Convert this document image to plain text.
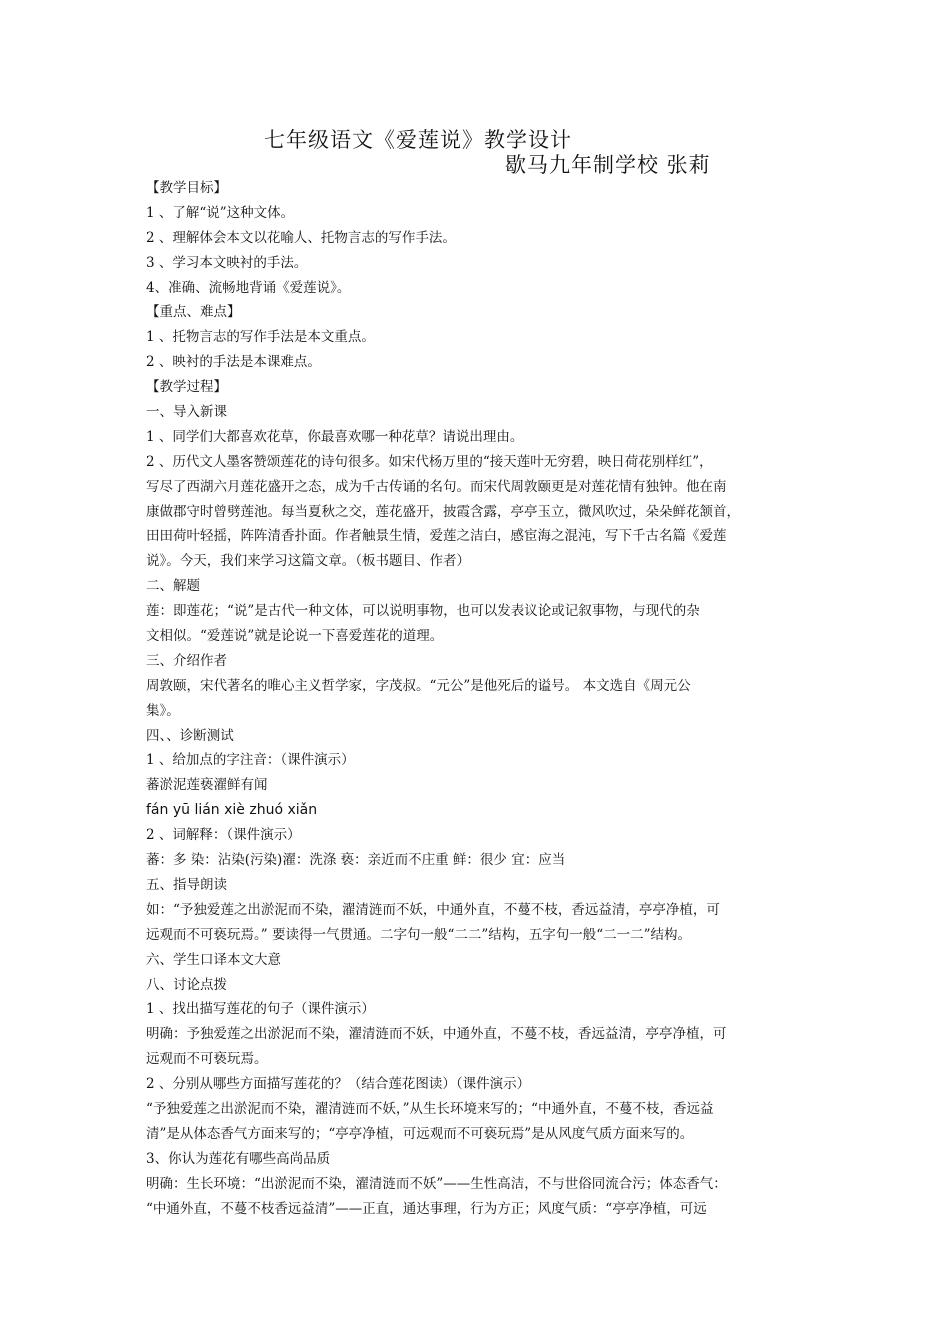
七年级语文《爱莲说》教学设计
歇马九年制学校 张莉
【教学目标】
1 、了解“说”这种文体。
2 、理解体会本文以花喻人、托物言志的写作手法。
3 、学习本文映衬的手法。
4、准确、流畅地背诵《爱莲说》。
【重点、难点】
1 、托物言志的写作手法是本文重点。
2 、映衬的手法是本课难点。
【教学过程】
一、导入新课
1 、同学们大都喜欢花草，你最喜欢哪一种花草？请说出理由。
2 、历代文人墨客赞颂莲花的诗句很多。如宋代杨万里的“接天莲叶无穷碧，映日荷花别样红”，
写尽了西湖六月莲花盛开之态，成为千古传诵的名句。而宋代周敦颐更是对莲花情有独钟。他在南
康做郡守时曾劈莲池。每当夏秋之交，莲花盛开，披霞含露，亭亭玉立，微风吹过，朵朵鲜花颔首，
田田荷叶轻摇，阵阵清香扑面。作者触景生情，爱莲之洁白，感宦海之混沌，写下千古名篇《爱莲
说》。今天，我们来学习这篇文章。（板书题目、作者）
二、解题
莲：即莲花；“说”是古代一种文体，可以说明事物，也可以发表议论或记叙事物，与现代的杂
文相似。“爱莲说”就是论说一下喜爱莲花的道理。
三、介绍作者
周敦颐，宋代著名的唯心主义哲学家，字茂叔。“元公”是他死后的谥号。 本文选自《周元公
集》。
四、、诊断测试
1 、给加点的字注音：（课件演示）
蕃淤泥莲亵濯鲜有闻
fán yū lián xiè zhuó xiǎn
2 、词解释：（课件演示）
蕃：多 染：沾染(污染)濯：洗涤 亵：亲近而不庄重 鲜：很少 宜：应当
五、指导朗读
如：“予独爱莲之出淤泥而不染，濯清涟而不妖，中通外直，不蔓不枝，香远益清，亭亭净植，可
远观而不可亵玩焉。” 要读得一气贯通。二字句一般“二二”结构，五字句一般“二一二”结构。
六、学生口译本文大意
八、讨论点拨
1 、找出描写莲花的句子（课件演示）
明确：予独爱莲之出淤泥而不染，濯清涟而不妖，中通外直，不蔓不枝，香远益清，亭亭净植，可
远观而不可亵玩焉。
2 、分别从哪些方面描写莲花的？（结合莲花图读）（课件演示）
“予独爱莲之出淤泥而不染，濯清涟而不妖，”从生长环境来写的；“中通外直，不蔓不枝，香远益
清”是从体态香气方面来写的；“亭亭净植，可远观而不可亵玩焉”是从风度气质方面来写的。
3、你认为莲花有哪些高尚品质
明确：生长环境：“出淤泥而不染，濯清涟而不妖”——生性高洁，不与世俗同流合污；体态香气：
“中通外直，不蔓不枝香远益清”——正直，通达事理，行为方正；风度气质：“亭亭净植，可远
